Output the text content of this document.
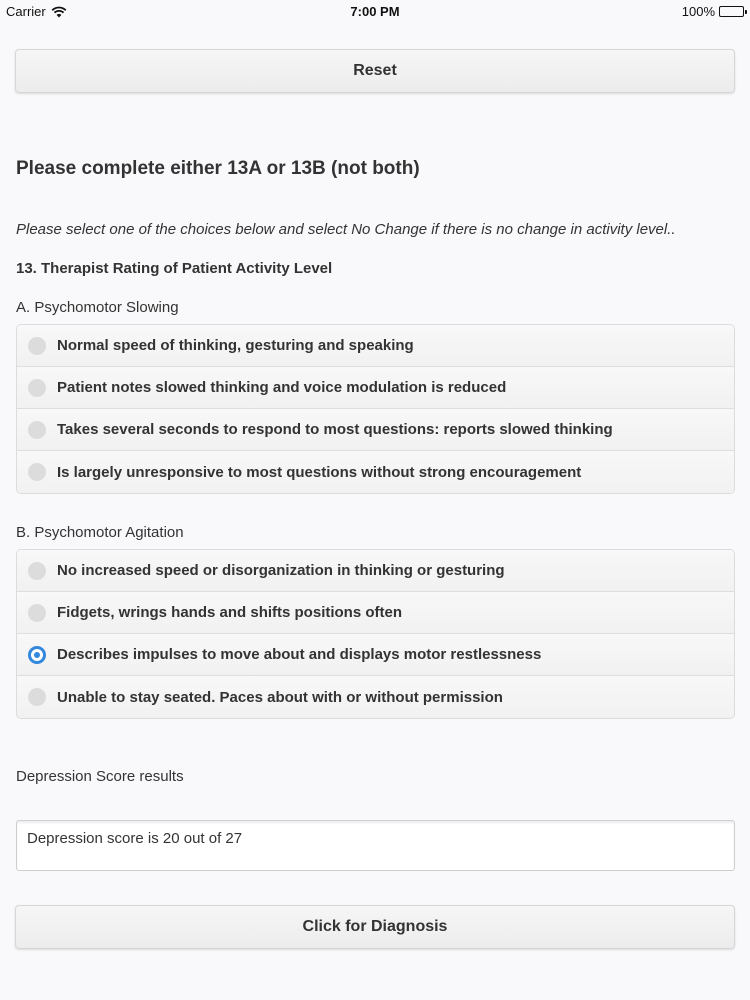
Carrier	7:00 PM	100%
Reset
Please complete either 13A or 13B (not both)
Please select one of the choices below and select No Change if there is no change in activity level..
13. Therapist Rating of Patient Activity Level
A. Psychomotor Slowing
Normal speed of thinking, gesturing and speaking
Patient notes slowed thinking and voice modulation is reduced
Takes several seconds to respond to most questions: reports slowed thinking
Is largely unresponsive to most questions without strong encouragement
B. Psychomotor Agitation
No increased speed or disorganization in thinking or gesturing
Fidgets, wrings hands and shifts positions often
Describes impulses to move about and displays motor restlessness
Unable to stay seated. Paces about with or without permission
Depression Score results
Depression score is 20 out of 27
Click for Diagnosis
